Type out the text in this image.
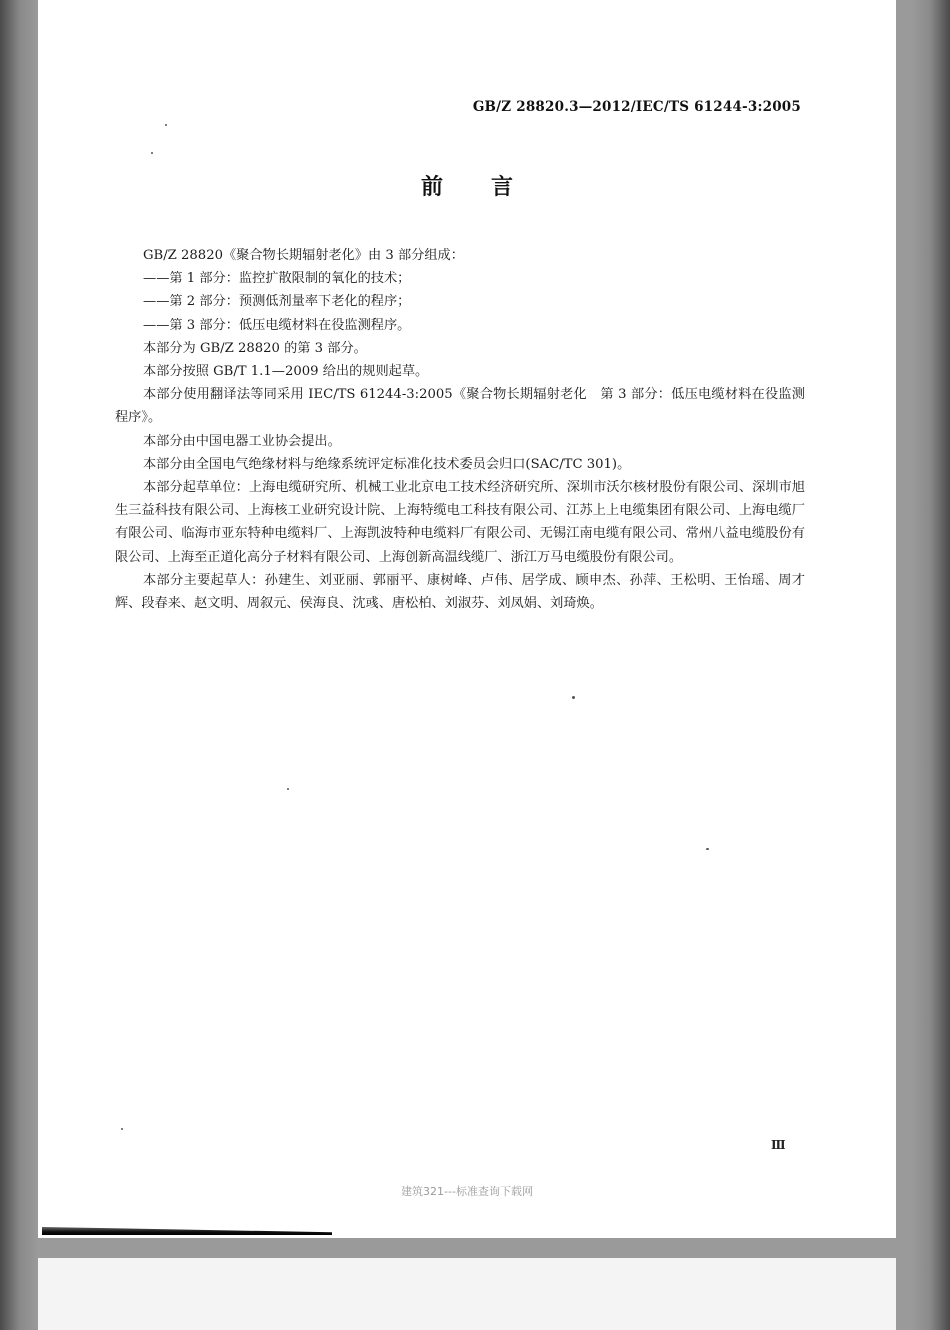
GB/Z 28820.3—2012/IEC/TS 61244-3:2005
前言

GB/Z 28820《聚合物长期辐射老化》由 3 部分组成：

——第 1 部分：监控扩散限制的氧化的技术；

——第 2 部分：预测低剂量率下老化的程序；

——第 3 部分：低压电缆材料在役监测程序。

本部分为 GB/Z 28820 的第 3 部分。

本部分按照 GB/T 1.1—2009 给出的规则起草。

本部分使用翻译法等同采用 IEC/TS 61244-3:2005《聚合物长期辐射老化　第 3 部分：低压电缆材料在役监测程序》。

本部分由中国电器工业协会提出。

本部分由全国电气绝缘材料与绝缘系统评定标准化技术委员会归口(SAC/TC 301)。

本部分起草单位：上海电缆研究所、机械工业北京电工技术经济研究所、深圳市沃尔核材股份有限公司、深圳市旭生三益科技有限公司、上海核工业研究设计院、上海特缆电工科技有限公司、江苏上上电缆集团有限公司、上海电缆厂有限公司、临海市亚东特种电缆料厂、上海凯波特种电缆料厂有限公司、无锡江南电缆有限公司、常州八益电缆股份有限公司、上海至正道化高分子材料有限公司、上海创新高温线缆厂、浙江万马电缆股份有限公司。

本部分主要起草人：孙建生、刘亚丽、郭丽平、康树峰、卢伟、居学成、顾申杰、孙萍、王松明、王怡瑶、周才辉、段春来、赵文明、周叙元、侯海良、沈彧、唐松柏、刘淑芬、刘凤娟、刘琦焕。

Ⅲ
建筑321---标准查询下载网
